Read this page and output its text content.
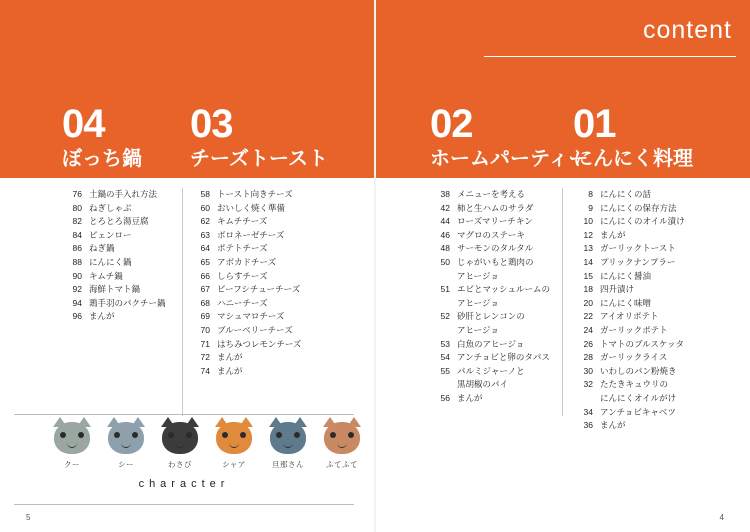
content
04
ぼっち鍋
03
チーズトースト
02
ホームパーティー
01
にんにく料理
76 土鍋の手入れ方法
80 ねぎしゃぶ
82 とろとろ湯豆腐
84 ピェンロー
86 ねぎ鍋
88 にんにく鍋
90 キムチ鍋
92 海鮮トマト鍋
94 鶏手羽のパクチー鍋
96 まんが
58 トースト向きチーズ
60 おいしく焼く準備
62 キムチチーズ
63 ボロネーゼチーズ
64 ポテトチーズ
65 アボカドチーズ
66 しらすチーズ
67 ビーフシチューチーズ
68 ハニーチーズ
69 マシュマロチーズ
70 ブルーベリーチーズ
71 はちみつレモンチーズ
72 まんが
74 まんが
38 メニューを考える
42 柿と生ハムのサラダ
44 ローズマリーチキン
46 マグロのステーキ
48 サーモンのタルタル
50 じゃがいもと鶏肉の
アヒージョ
51 エビとマッシュルームの
アヒージョ
52 砂肝とレンコンの
アヒージョ
53 白魚のアヒージョ
54 アンチョビと卵のタパス
55 パルミジャーノと
黒胡椒のパイ
56 まんが
8 にんにくの話
9 にんにくの保存方法
10 にんにくのオイル漬け
12 まんが
13 ガーリックトースト
14 プリックナンプラー
15 にんにく醤油
18 四升漬け
20 にんにく味噌
22 アイオリポテト
24 ガーリックポテト
26 トマトのブルスケッタ
28 ガーリックライス
30 いわしのパン粉焼き
32 たたきキュウリの
にんにくオイルがけ
34 アンチョビキャベツ
36 まんが
クー	シー	わさび	シャア	旦那さん	ふてふて
character
5	4
